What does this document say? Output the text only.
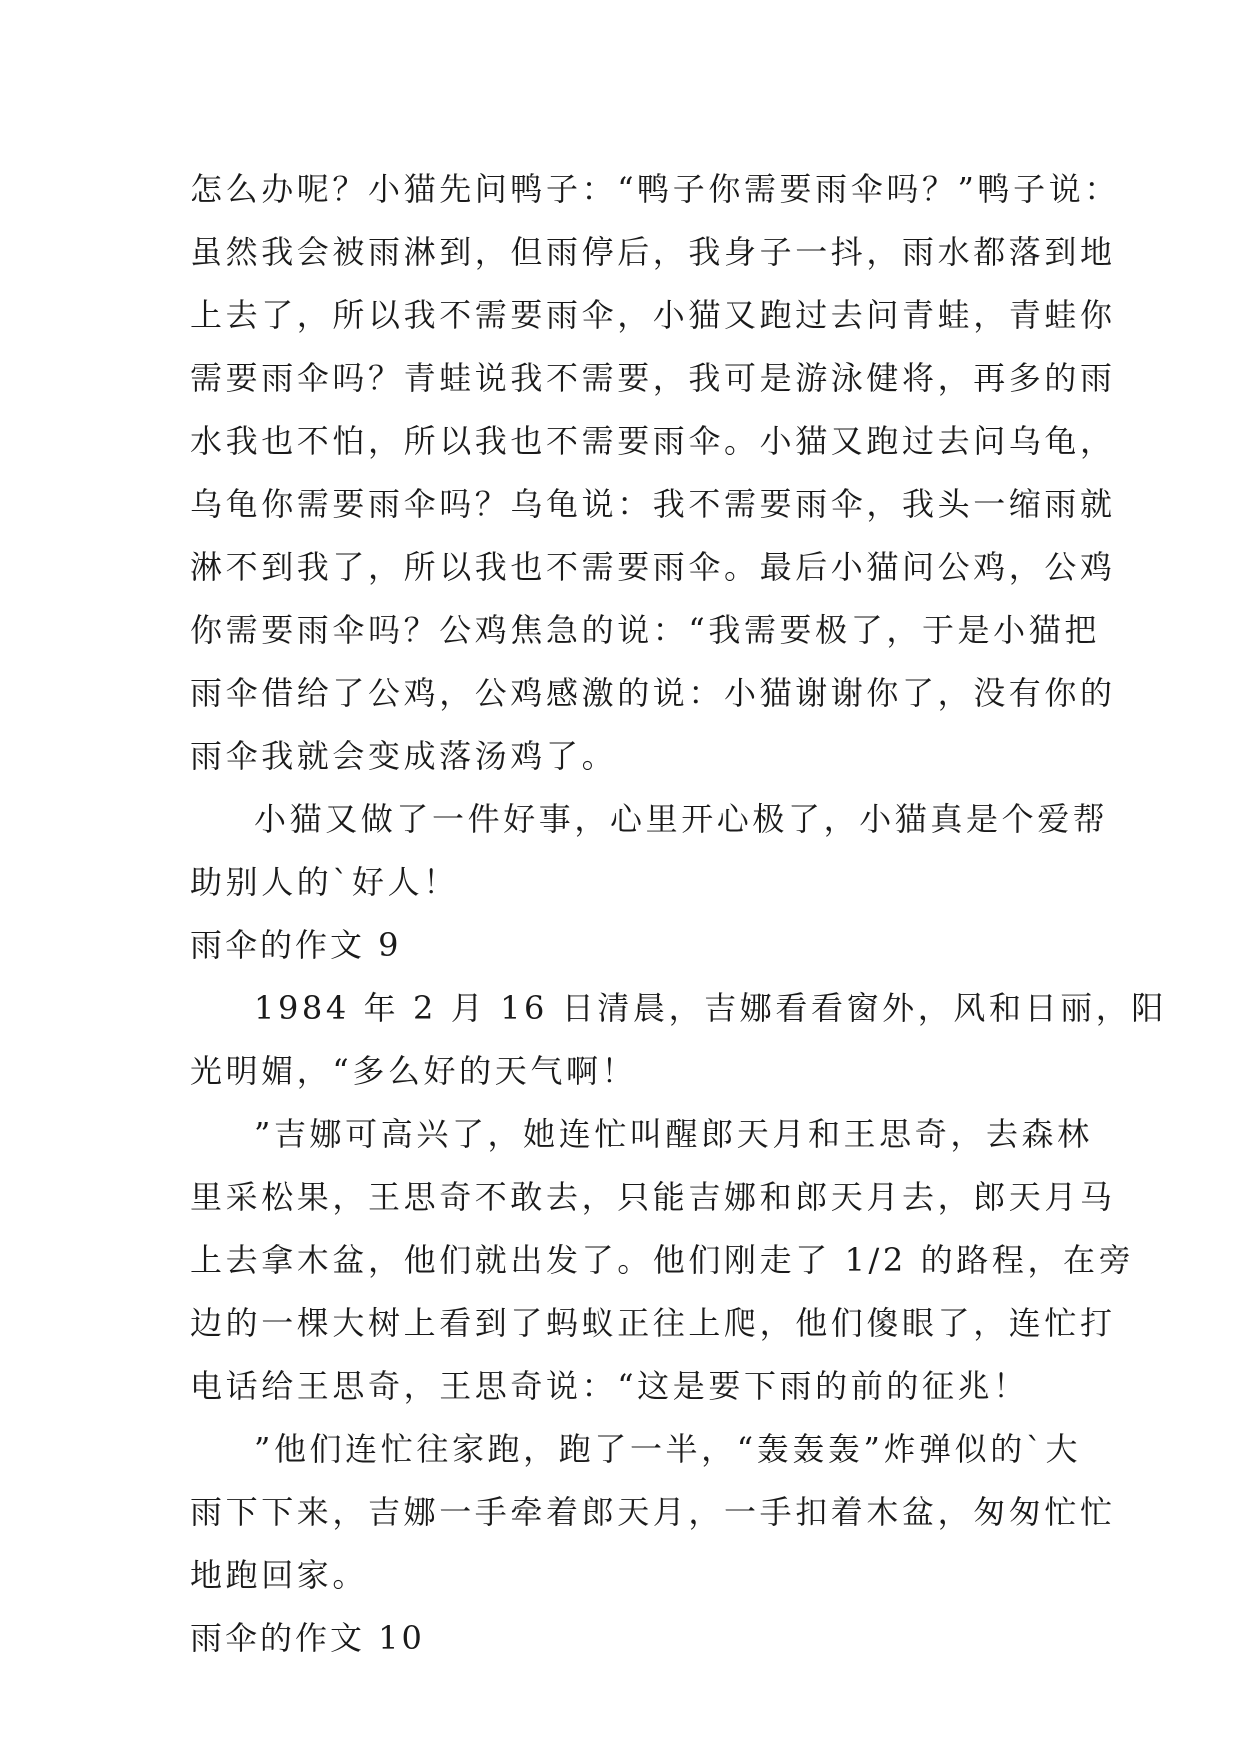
怎么办呢？小猫先问鸭子：“鸭子你需要雨伞吗？”鸭子说：
虽然我会被雨淋到，但雨停后，我身子一抖，雨水都落到地
上去了，所以我不需要雨伞，小猫又跑过去问青蛙，青蛙你
需要雨伞吗？青蛙说我不需要，我可是游泳健将，再多的雨
水我也不怕，所以我也不需要雨伞。小猫又跑过去问乌龟，
乌龟你需要雨伞吗？乌龟说：我不需要雨伞，我头一缩雨就
淋不到我了，所以我也不需要雨伞。最后小猫问公鸡，公鸡
你需要雨伞吗？公鸡焦急的说：“我需要极了，于是小猫把
雨伞借给了公鸡，公鸡感激的说：小猫谢谢你了，没有你的
雨伞我就会变成落汤鸡了。
小猫又做了一件好事，心里开心极了，小猫真是个爱帮
助别人的`好人！
雨伞的作文 9
1984 年 2 月 16 日清晨，吉娜看看窗外，风和日丽，阳
光明媚，“多么好的天气啊！
”吉娜可高兴了，她连忙叫醒郎天月和王思奇，去森林
里采松果，王思奇不敢去，只能吉娜和郎天月去，郎天月马
上去拿木盆，他们就出发了。他们刚走了 1/2 的路程，在旁
边的一棵大树上看到了蚂蚁正往上爬，他们傻眼了，连忙打
电话给王思奇，王思奇说：“这是要下雨的前的征兆！
”他们连忙往家跑，跑了一半，“轰轰轰”炸弹似的`大
雨下下来，吉娜一手牵着郎天月，一手扣着木盆，匆匆忙忙
地跑回家。
雨伞的作文 10
